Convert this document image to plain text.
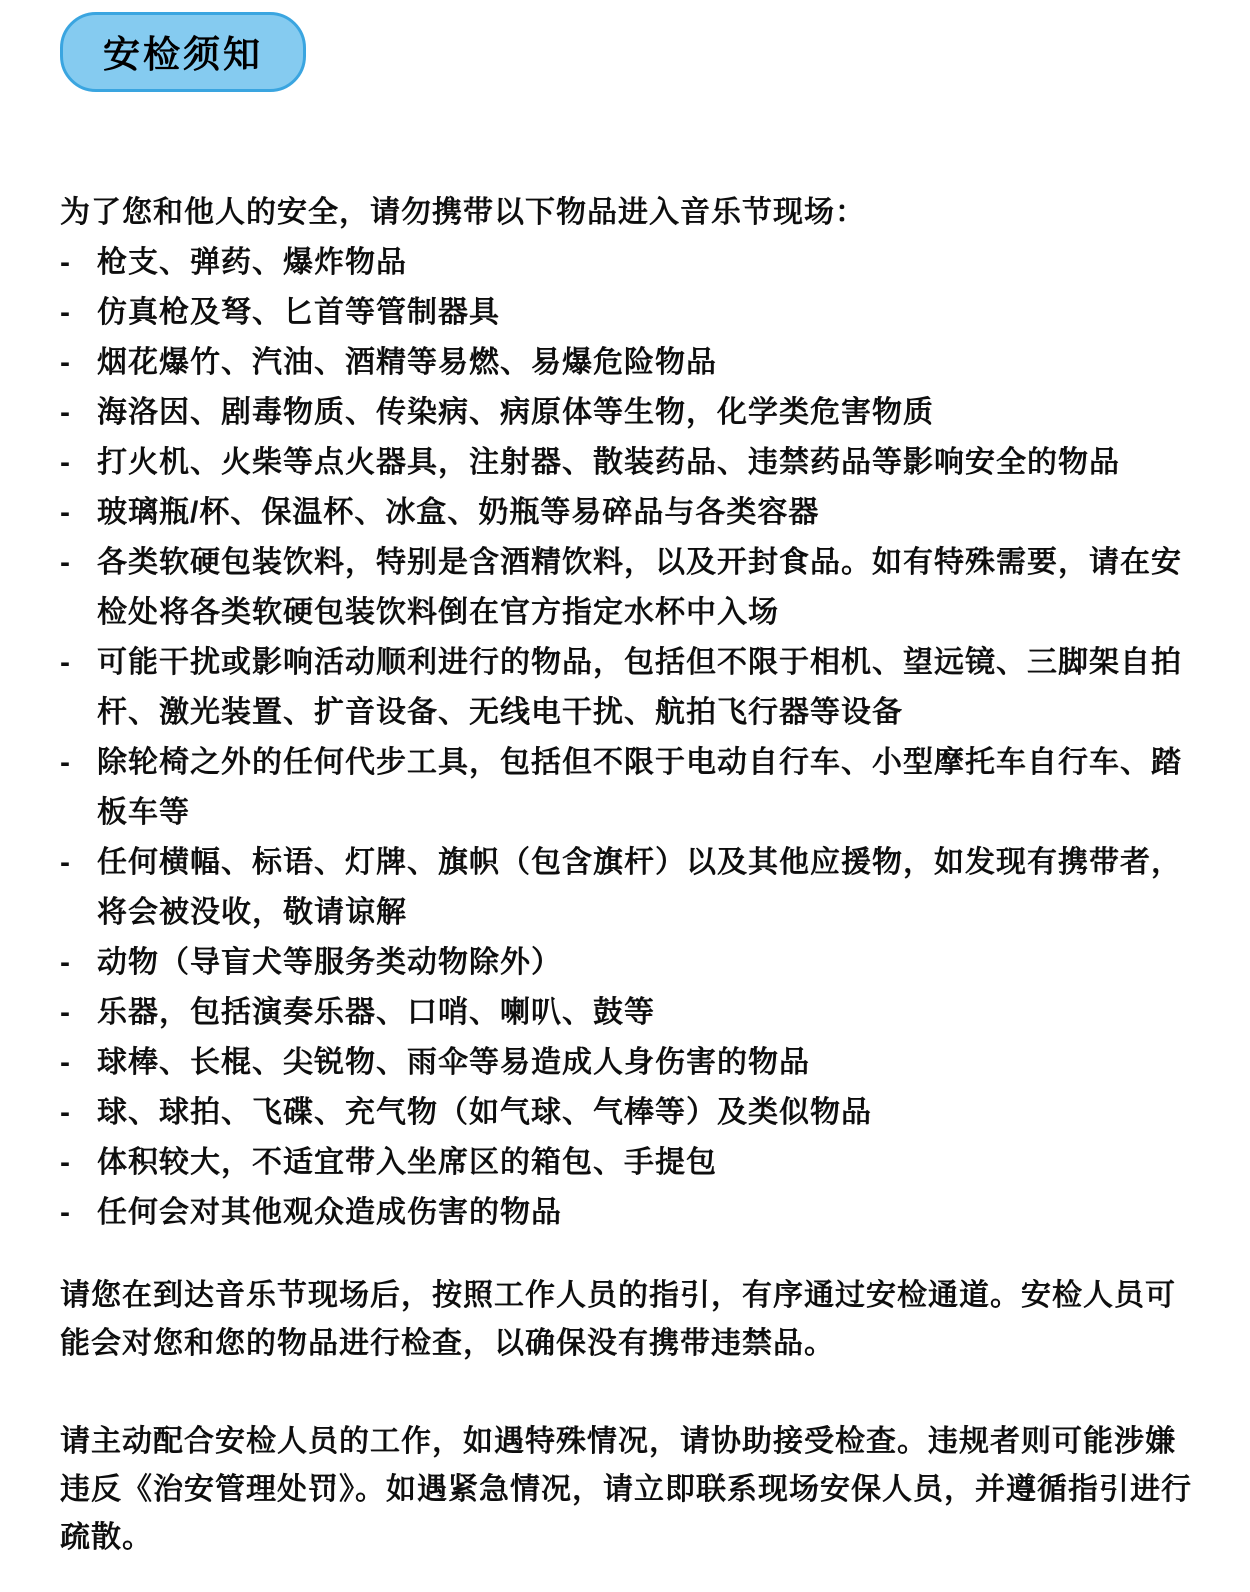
安检须知

为了您和他人的安全，请勿携带以下物品进入音乐节现场：

- 枪支、弹药、爆炸物品
- 仿真枪及弩、匕首等管制器具
- 烟花爆竹、汽油、酒精等易燃、易爆危险物品
- 海洛因、剧毒物质、传染病、病原体等生物，化学类危害物质
- 打火机、火柴等点火器具，注射器、散装药品、违禁药品等影响安全的物品
- 玻璃瓶/杯、保温杯、冰盒、奶瓶等易碎品与各类容器
- 各类软硬包装饮料，特别是含酒精饮料，以及开封食品。如有特殊需要，请在安检处将各类软硬包装饮料倒在官方指定水杯中入场
- 可能干扰或影响活动顺利进行的物品，包括但不限于相机、望远镜、三脚架自拍杆、激光装置、扩音设备、无线电干扰、航拍飞行器等设备
- 除轮椅之外的任何代步工具，包括但不限于电动自行车、小型摩托车自行车、踏板车等
- 任何横幅、标语、灯牌、旗帜（包含旗杆）以及其他应援物，如发现有携带者，将会被没收，敬请谅解
- 动物（导盲犬等服务类动物除外）
- 乐器，包括演奏乐器、口哨、喇叭、鼓等
- 球棒、长棍、尖锐物、雨伞等易造成人身伤害的物品
- 球、球拍、飞碟、充气物（如气球、气棒等）及类似物品
- 体积较大，不适宜带入坐席区的箱包、手提包
- 任何会对其他观众造成伤害的物品

请您在到达音乐节现场后，按照工作人员的指引，有序通过安检通道。安检人员可能会对您和您的物品进行检查，以确保没有携带违禁品。

请主动配合安检人员的工作，如遇特殊情况，请协助接受检查。违规者则可能涉嫌违反《治安管理处罚》。如遇紧急情况，请立即联系现场安保人员，并遵循指引进行疏散。
